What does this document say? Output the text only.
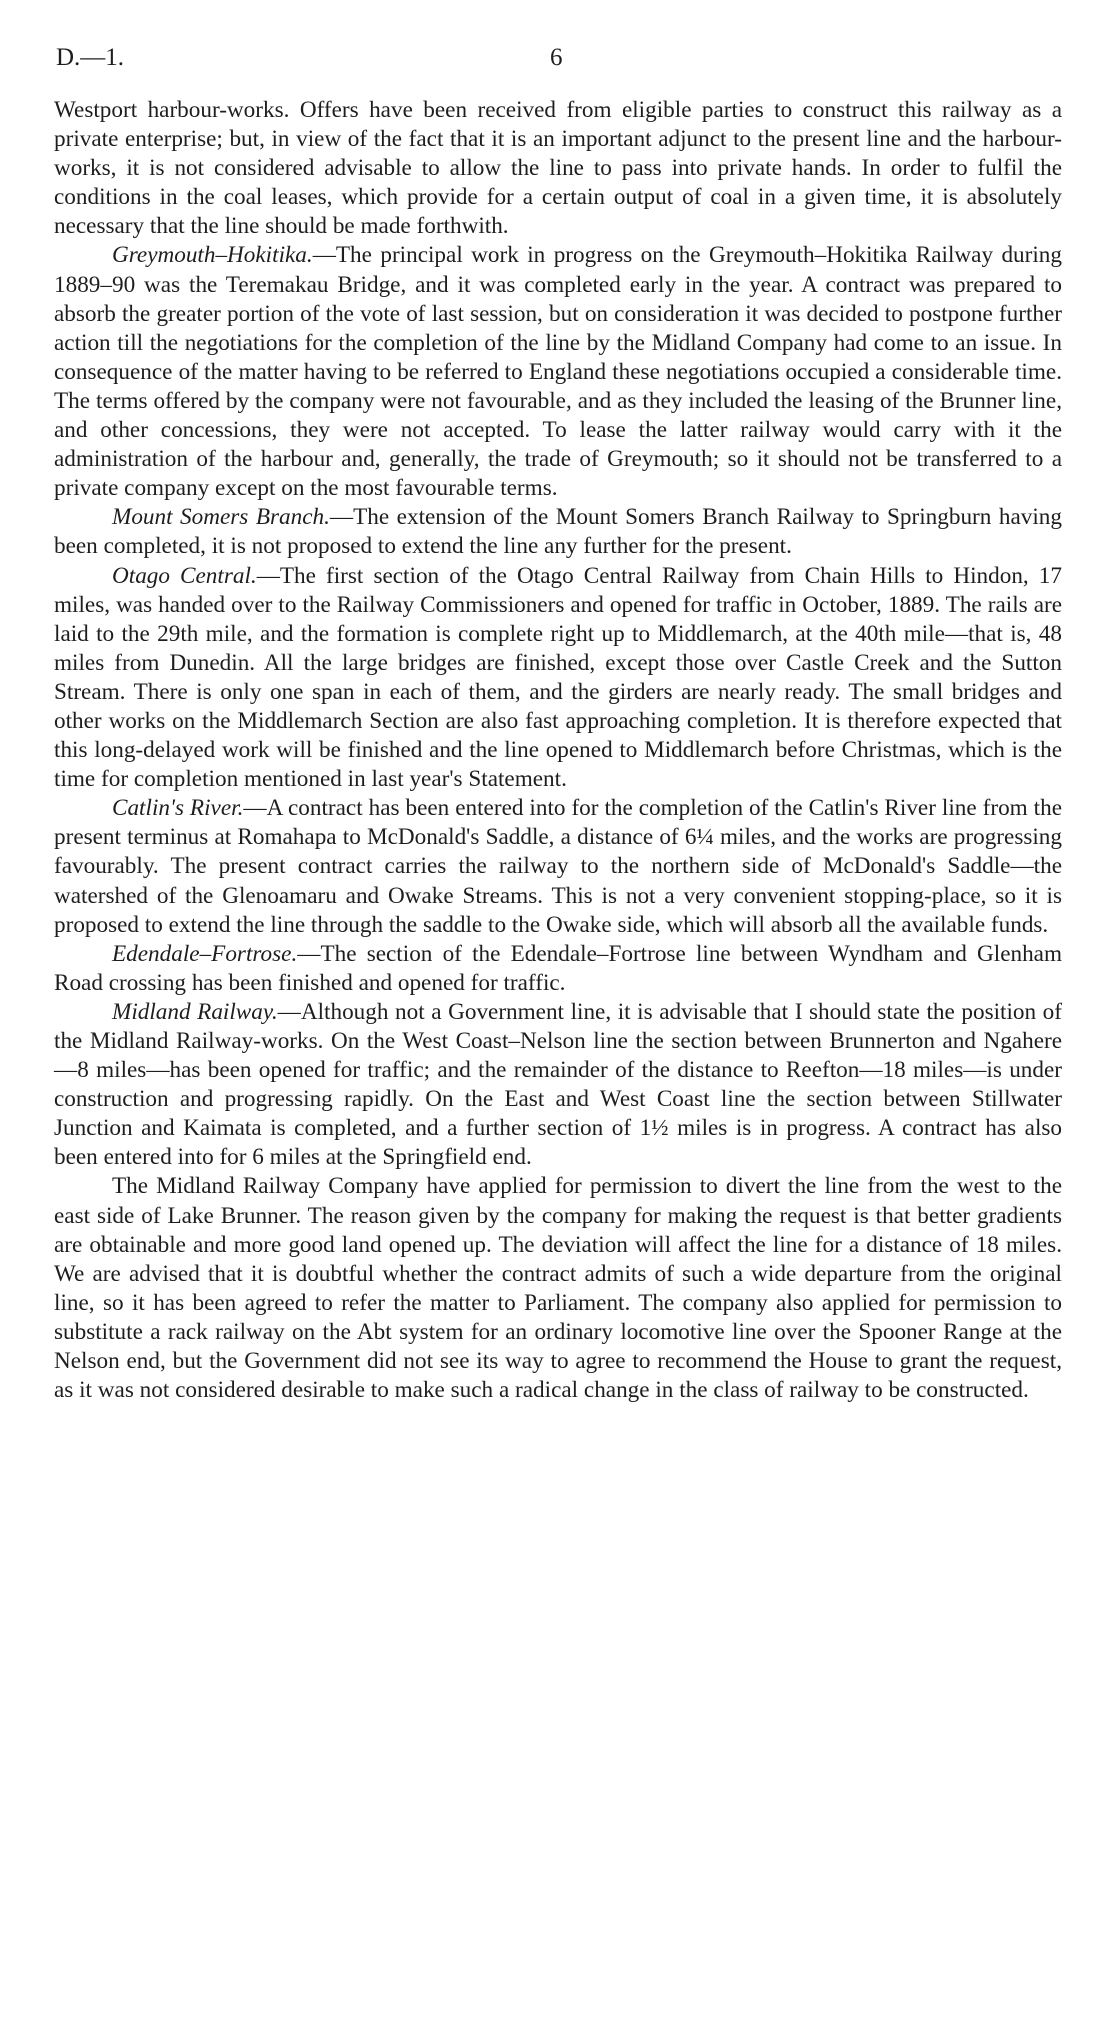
D.—1.	6

Westport harbour-works. Offers have been received from eligible parties to construct this railway as a private enterprise; but, in view of the fact that it is an important adjunct to the present line and the harbour-works, it is not considered advisable to allow the line to pass into private hands. In order to fulfil the conditions in the coal leases, which provide for a certain output of coal in a given time, it is absolutely necessary that the line should be made forthwith.

Greymouth–Hokitika.—The principal work in progress on the Greymouth–Hokitika Railway during 1889–90 was the Teremakau Bridge, and it was completed early in the year. A contract was prepared to absorb the greater portion of the vote of last session, but on consideration it was decided to postpone further action till the negotiations for the completion of the line by the Midland Company had come to an issue. In consequence of the matter having to be referred to England these negotiations occupied a considerable time. The terms offered by the company were not favourable, and as they included the leasing of the Brunner line, and other concessions, they were not accepted. To lease the latter railway would carry with it the administration of the harbour and, generally, the trade of Greymouth; so it should not be transferred to a private company except on the most favourable terms.

Mount Somers Branch.—The extension of the Mount Somers Branch Railway to Springburn having been completed, it is not proposed to extend the line any further for the present.

Otago Central.—The first section of the Otago Central Railway from Chain Hills to Hindon, 17 miles, was handed over to the Railway Commissioners and opened for traffic in October, 1889. The rails are laid to the 29th mile, and the formation is complete right up to Middlemarch, at the 40th mile—that is, 48 miles from Dunedin. All the large bridges are finished, except those over Castle Creek and the Sutton Stream. There is only one span in each of them, and the girders are nearly ready. The small bridges and other works on the Middlemarch Section are also fast approaching completion. It is therefore expected that this long-delayed work will be finished and the line opened to Middlemarch before Christmas, which is the time for completion mentioned in last year's Statement.

Catlin's River.—A contract has been entered into for the completion of the Catlin's River line from the present terminus at Romahapa to McDonald's Saddle, a distance of 6¼ miles, and the works are progressing favourably. The present contract carries the railway to the northern side of McDonald's Saddle—the watershed of the Glenoamaru and Owake Streams. This is not a very convenient stopping-place, so it is proposed to extend the line through the saddle to the Owake side, which will absorb all the available funds.

Edendale–Fortrose.—The section of the Edendale–Fortrose line between Wyndham and Glenham Road crossing has been finished and opened for traffic.

Midland Railway.—Although not a Government line, it is advisable that I should state the position of the Midland Railway-works. On the West Coast–Nelson line the section between Brunnerton and Ngahere—8 miles—has been opened for traffic; and the remainder of the distance to Reefton—18 miles—is under construction and progressing rapidly. On the East and West Coast line the section between Stillwater Junction and Kaimata is completed, and a further section of 1½ miles is in progress. A contract has also been entered into for 6 miles at the Springfield end.

The Midland Railway Company have applied for permission to divert the line from the west to the east side of Lake Brunner. The reason given by the company for making the request is that better gradients are obtainable and more good land opened up. The deviation will affect the line for a distance of 18 miles. We are advised that it is doubtful whether the contract admits of such a wide departure from the original line, so it has been agreed to refer the matter to Parliament. The company also applied for permission to substitute a rack railway on the Abt system for an ordinary locomotive line over the Spooner Range at the Nelson end, but the Government did not see its way to agree to recommend the House to grant the request, as it was not considered desirable to make such a radical change in the class of railway to be constructed.
